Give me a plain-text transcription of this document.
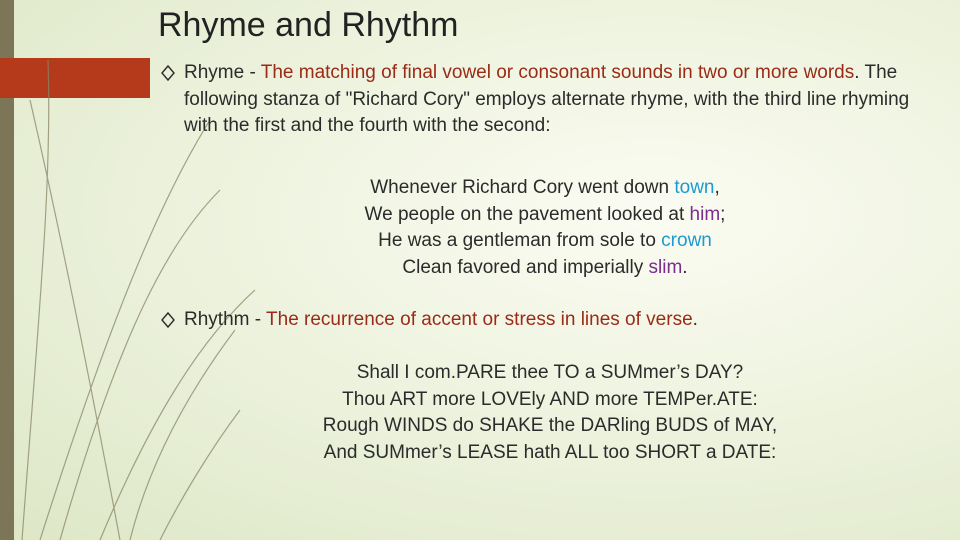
Rhyme and Rhythm
Rhyme - The matching of final vowel or consonant sounds in two or more words. The following stanza of "Richard Cory" employs alternate rhyme, with the third line rhyming with the first and the fourth with the second:
Whenever Richard Cory went down town,
We people on the pavement looked at him;
He was a gentleman from sole to crown
Clean favored and imperially slim.
Rhythm - The recurrence of accent or stress in lines of verse.
Shall I com.PARE thee TO a SUMmer’s DAY?
Thou ART more LOVEly AND more TEMPer.ATE:
Rough WINDS do SHAKE the DARling BUDS of MAY,
And SUMmer’s LEASE hath ALL too SHORT a DATE:
